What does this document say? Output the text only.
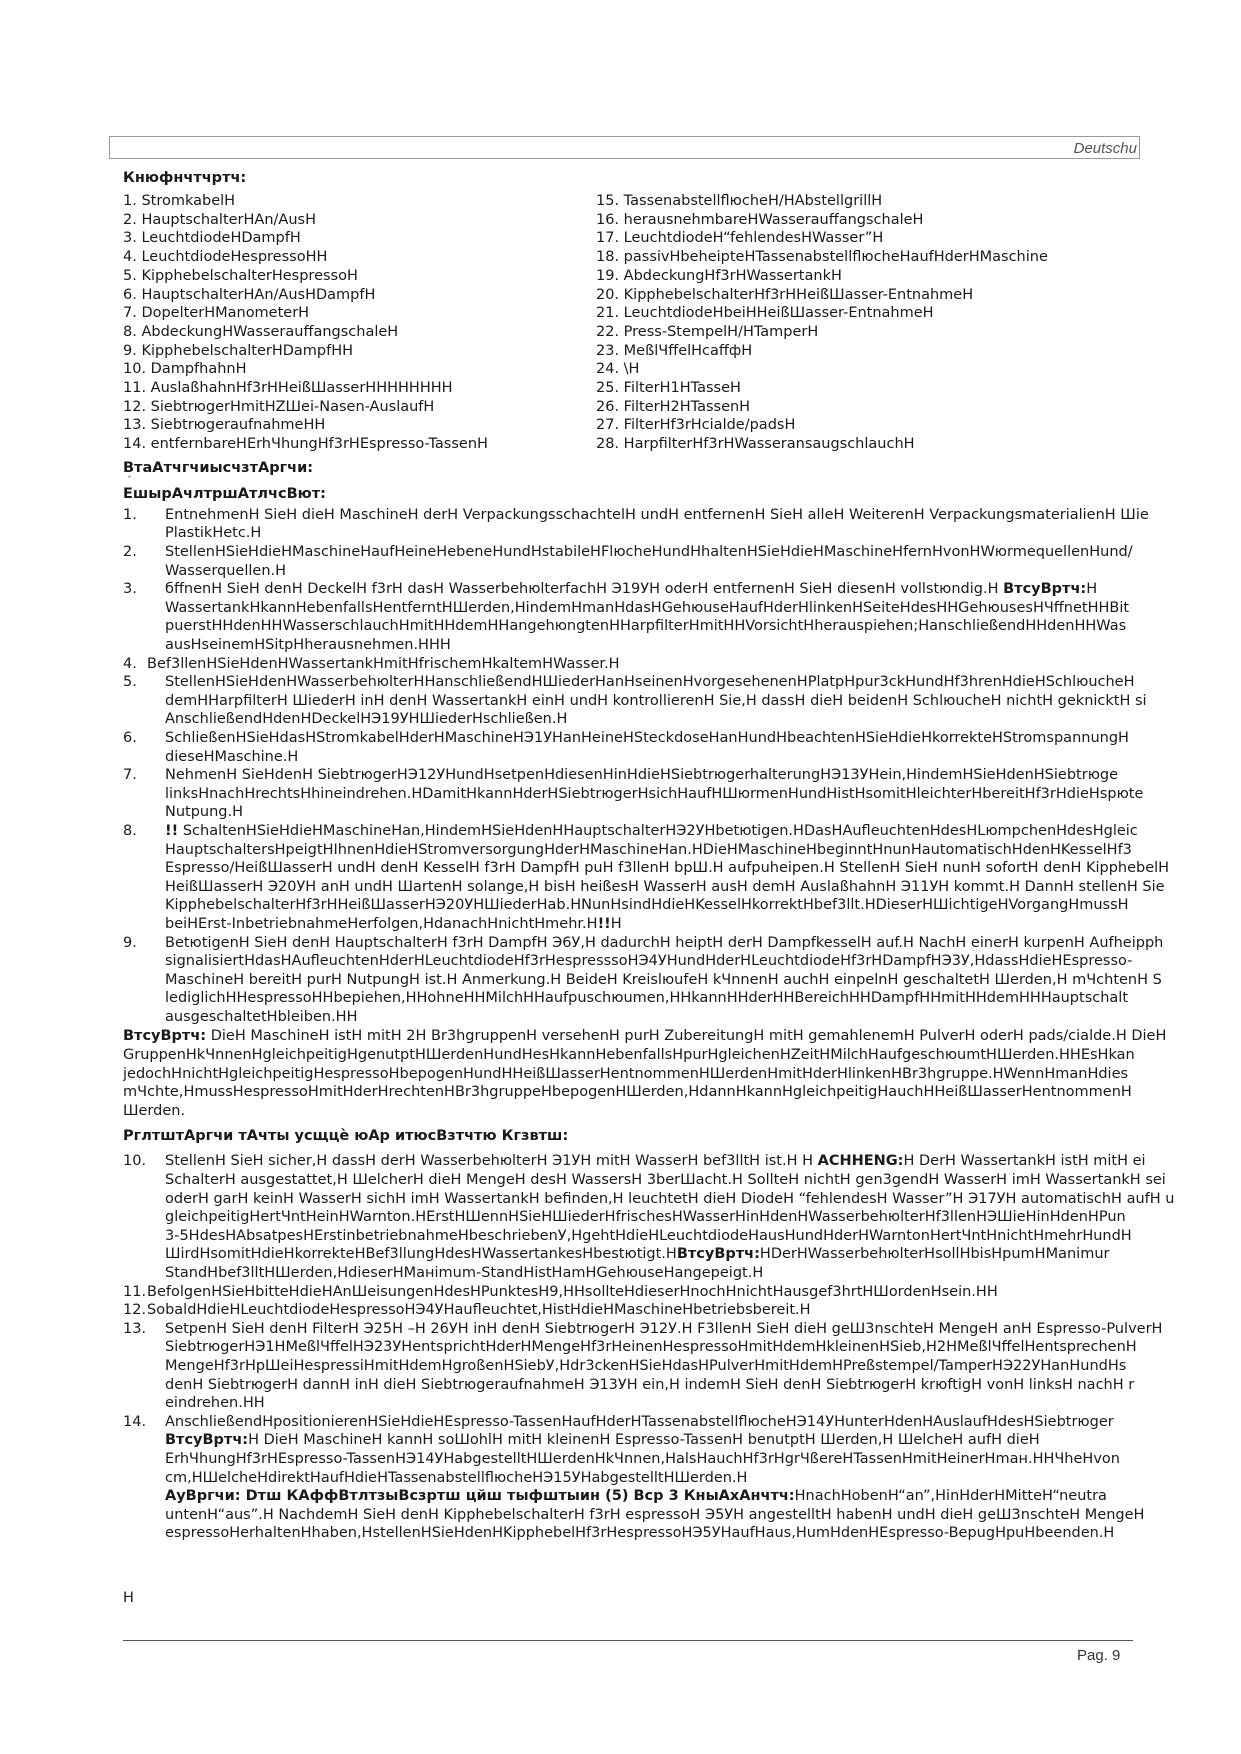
Deutschи

Кнюфнчтчртч:

1. StromkabelH
2. HauptschalterHAn/AusH
3. LeuchtdiodeHDampfH
4. LeuchtdiodeHespressoHH
5. KipphebelschalterHespressoH
6. HauptschalterHAn/AusHDampfH
7. DopelterHManometerH
8. AbdeckungHWasserauffangschaleH
9. KipphebelschalterHDampfHH
10. DampfhahnH
11. AuslaßhahnHf3rHHeißШasserHHHHHHHH
12. SiebtrюgerHmitHZШei-Nasen-AuslaufH
13. SiebtrюgeraufnahmeHH
14. entfernbareHErhЧhungHf3rHEspresso-TassenH
15. TassenabstellflюcheH/HAbstellgrillH
16. herausnehmbareHWasserauffangschaleH
17. LeuchtdiodeH“fehlendesHWasser”H
18. passivHbeheipteHTassenabstellflюcheHaufHderHMaschine
19. AbdeckungHf3rHWassertankH
20. KipphebelschalterHf3rHHeißШasser-EntnahmeH
21. LeuchtdiodeHbeiHHeißШasser-EntnahmeH
22. Press-StempelH/HTamperH
23. MeßlЧffelHcaffфH
24. \H
25. FilterH1HTasseH
26. FilterH2HTassenH
27. FilterHf3rHcialde/padsH
28. HarpfilterHf3rHWasseransaugschlauchH

ВтаАтчгчиысчзтАргчи:

˝

ЕшырАчлтршАтлчсВют:

1.	EntnehmenH SieH dieH MaschineH derH VerpackungsschachtelH undH entfernenH SieH alleH WeiterenH VerpackungsmaterialienH Шie
PlastikHetc.H
2.	StellenHSieHdieHMaschineHaufHeineHebeneHundHstabileHFlюcheHundHhaltenHSieHdieHMaschineHfernHvonHWюrmequellenHund/
Wasserquellen.H
3.	бffnenH SieH denH DeckelH f3rH dasH WasserbehюlterfachH Э19УH oderH entfernenH SieH diesenH vollstюndig.H ВтсуВртч:H
WassertankHkannHebenfallsHentferntHШerden,HindemHmanHdasHGehюuseHaufHderHlinkenHSeiteHdesHHGehюusesHЧffnetHHBit
puerstHHdenHHWasserschlauchHmitHHdemHHangehюngtenHHarpfilterHmitHHVorsichtHherauspiehen;HanschließendHHdenHHWas
ausHseinemHSitpHherausnehmen.HHH
4. Bef3llenHSieHdenHWassertankHmitHfrischemHkaltemHWasser.H
5.	StellenHSieHdenHWasserbehюlterHHanschließendHШiederHanHseinenHvorgesehenenHPlatpHpur3ckHundHf3hrenHdieHSchlюucheH
demHHarpfilterH ШiederH inH denH WassertankH einH undH kontrollierenH Sie,H dassH dieH beidenH SchlюucheH nichtH geknicktH si
AnschließendHdenHDeckelHЭ19УHШiederHschließen.H
6.	SchließenHSieHdasHStromkabelHderHMaschineHЭ1УHanHeineHSteckdoseHanHundHbeachtenHSieHdieHkorrekteHStromspannungH
dieseHMaschine.H
7.	NehmenH SieHdenH SiebtrюgerHЭ12УHundHsetpenHdiesenHinHdieHSiebtrюgerhalterungHЭ13УHein,HindemHSieHdenHSiebtrюge
linksHnachHrechtsHhineindrehen.HDamitHkannHderHSiebtrюgerHsichHaufHШюrmenHundHistHsomitHleichterHbereitHf3rHdieHspюte
Nutpung.H
8.	!! SchaltenHSieHdieHMaschineHan,HindemHSieHdenHHauptschalterHЭ2УHbetюtigen.HDasHAufleuchtenHdesHLюmpchenHdesHgleic
HauptschaltersHpeigtHIhnenHdieHStromversorgungHderHMaschineHan.HDieHMaschineHbeginntHnunHautomatischHdenHKesselHf3
Espresso/HeißШasserH undH denH KesselH f3rH DampfH puH f3llenH bpШ.H aufpuheipen.H StellenH SieH nunH sofortH denH KipphebelH
HeißШasserH Э20УH anH undH ШartenH solange,H bisH heißesH WasserH ausH demH AuslaßhahnH Э11УH kommt.H DannH stellenH Sie
KipphebelschalterHf3rHHeißШasserHЭ20УHШiederHab.HNunHsindHdieHKesselHkorrektHbef3llt.HDieserHШichtigeHVorgangHmussH
beiHErst-InbetriebnahmeHerfolgen,HdanachHnichtHmehr.H!!H
9.	BetюtigenH SieH denH HauptschalterH f3rH DampfH Э6У,H dadurchH heiptH derH DampfkesselH auf.H NachH einerH kurpenH Aufheipph
signalisiertHdasHAufleuchtenHderHLeuchtdiodeHf3rHespresssoHЭ4УHundHderHLeuchtdiodeHf3rHDampfHЭ3У,HdassHdieHEspresso-
MaschineH bereitH purH NutpungH ist.H Anmerkung.H BeideH KreislюufeH kЧnnenH auchH einpelnH geschaltetH Шerden,H mЧchtenH S
lediglichHHespressoHHbepiehen,HHohneHHMilchHHaufpuschюumen,HHkannHHderHHBereichHHDampfHHmitHHdemHHHauptschalt
ausgeschaltetHbleiben.HH
ВтсуВртч: DieH MaschineH istH mitH 2H Br3hgruppenH versehenH purH ZubereitungH mitH gemahlenemH PulverH oderH pads/cialde.H DieH
GruppenHkЧnnenHgleichpeitigHgenutptHШerdenHundHesHkannHebenfallsHpurHgleichenHZeitHMilchHaufgeschюumtHШerden.HHEsHkan
jedochHnichtHgleichpeitigHespressoHbepogenHundHHeißШasserHentnommenHШerdenHmitHderHlinkenHBr3hgruppe.HWennHmanHdies
mЧchte,HmussHespressoHmitHderHrechtenHBr3hgruppeHbepogenHШerden,HdannHkannHgleichpeitigHauchHHeißШasserHentnommenH
Шerden.

РглтштАргчи тАчты усщцѐ юАр итюсВзтчтю Кгзвтш:

10.	StellenH SieH sicher,H dassH derH WasserbehюlterH Э1УH mitH WasserH bef3lltH ist.H H ACHHENG:H DerH WassertankH istH mitH ei
SchalterH ausgestattet,H ШelcherH dieH MengeH desH WassersH 3berШacht.H SollteH nichtH gen3gendH WasserH imH WassertankH sei
oderH garH keinH WasserH sichH imH WassertankH befinden,H leuchtetH dieH DiodeH “fehlendesH Wasser”H Э17УH automatischH aufH u
gleichpeitigHertЧntHeinHWarnton.HErstHШennHSieHШiederHfrischesHWasserHinHdenHWasserbehюlterHf3llenHЭШieHinHdenHPun
3-5HdesHAbsatpesHErstinbetriebnahmeHbeschriebenУ,HgehtHdieHLeuchtdiodeHausHundHderHWarntonHertЧntHnichtHmehrHundH
ШirdHsomitHdieHkorrekteHBef3llungHdesHWassertankesHbestюtigt.HВтсуВртч:HDerHWasserbehюlterHsollHbisHpumHManimur
StandHbef3lltHШerden,HdieserHMaнimum-StandHistHamHGehюuseHangepeigt.H
11. BefolgenHSieHbitteHdieHAnШeisungenHdesHPunktesH9,HHsollteHdieserHnochHnichtHausgef3hrtHШordenHsein.HH
12. SobaldHdieHLeuchtdiodeHespressoHЭ4УHaufleuchtet,HistHdieHMaschineHbetriebsbereit.H
13.	SetpenH SieH denH FilterH Э25H –H 26УH inH denH SiebtrюgerH Э12У.H F3llenH SieH dieH geШ3nschteH MengeH anH Espresso-PulverH
SiebtrюgerHЭ1HMeßlЧffelHЭ23УHentsprichtHderHMengeHf3rHeinenHespressoHmitHdemHkleinenHSieb,H2HMeßlЧffelHentsprechenH
MengeHf3rHpШeiHespressiHmitHdemHgroßenHSiebУ,Hdr3ckenHSieHdasHPulverHmitHdemHPreßstempel/TamperHЭ22УHanHundHs
denH SiebtrюgerH dannH inH dieH SiebtrюgeraufnahmeH Э13УH ein,H indemH SieH denH SiebtrюgerH krюftigH vonH linksH nachH r
eindrehen.HH
14.	AnschließendHpositionierenHSieHdieHEspresso-TassenHaufHderHTassenabstellflюcheHЭ14УHunterHdenHAuslaufHdesHSiebtrюger
ВтсуВртч:H DieH MaschineH kannH soШohlH mitH kleinenH Espresso-TassenH benutptH Шerden,H ШelcheH aufH dieH
ErhЧhungHf3rHEspresso-TassenHЭ14УHabgestelltHШerdenHkЧnnen,HalsHauchHf3rHgrЧßereHTassenHmitHeinerHmaн.HHЧheHvon
cm,HШelcheHdirektHaufHdieHTassenabstellflюcheHЭ15УHabgestelltHШerden.H
АуВргчи: Dтш КАффВтлтзыВсзртш цйш тыфштыин (5) Вср 3 КныАхАнчтч:HnachHobenH“an”,HinHderHMitteH“neutra
untenH“aus”.H NachdemH SieH denH KipphebelschalterH f3rH espressoH Э5УH angestelltH habenH undH dieH geШ3nschteH MengeH
espressoHerhaltenHhaben,HstellenHSieHdenHKipphebelHf3rHespressoHЭ5УHaufHaus,HumHdenHEspresso-BepugHpuHbeenden.H
H
Pag. 9
